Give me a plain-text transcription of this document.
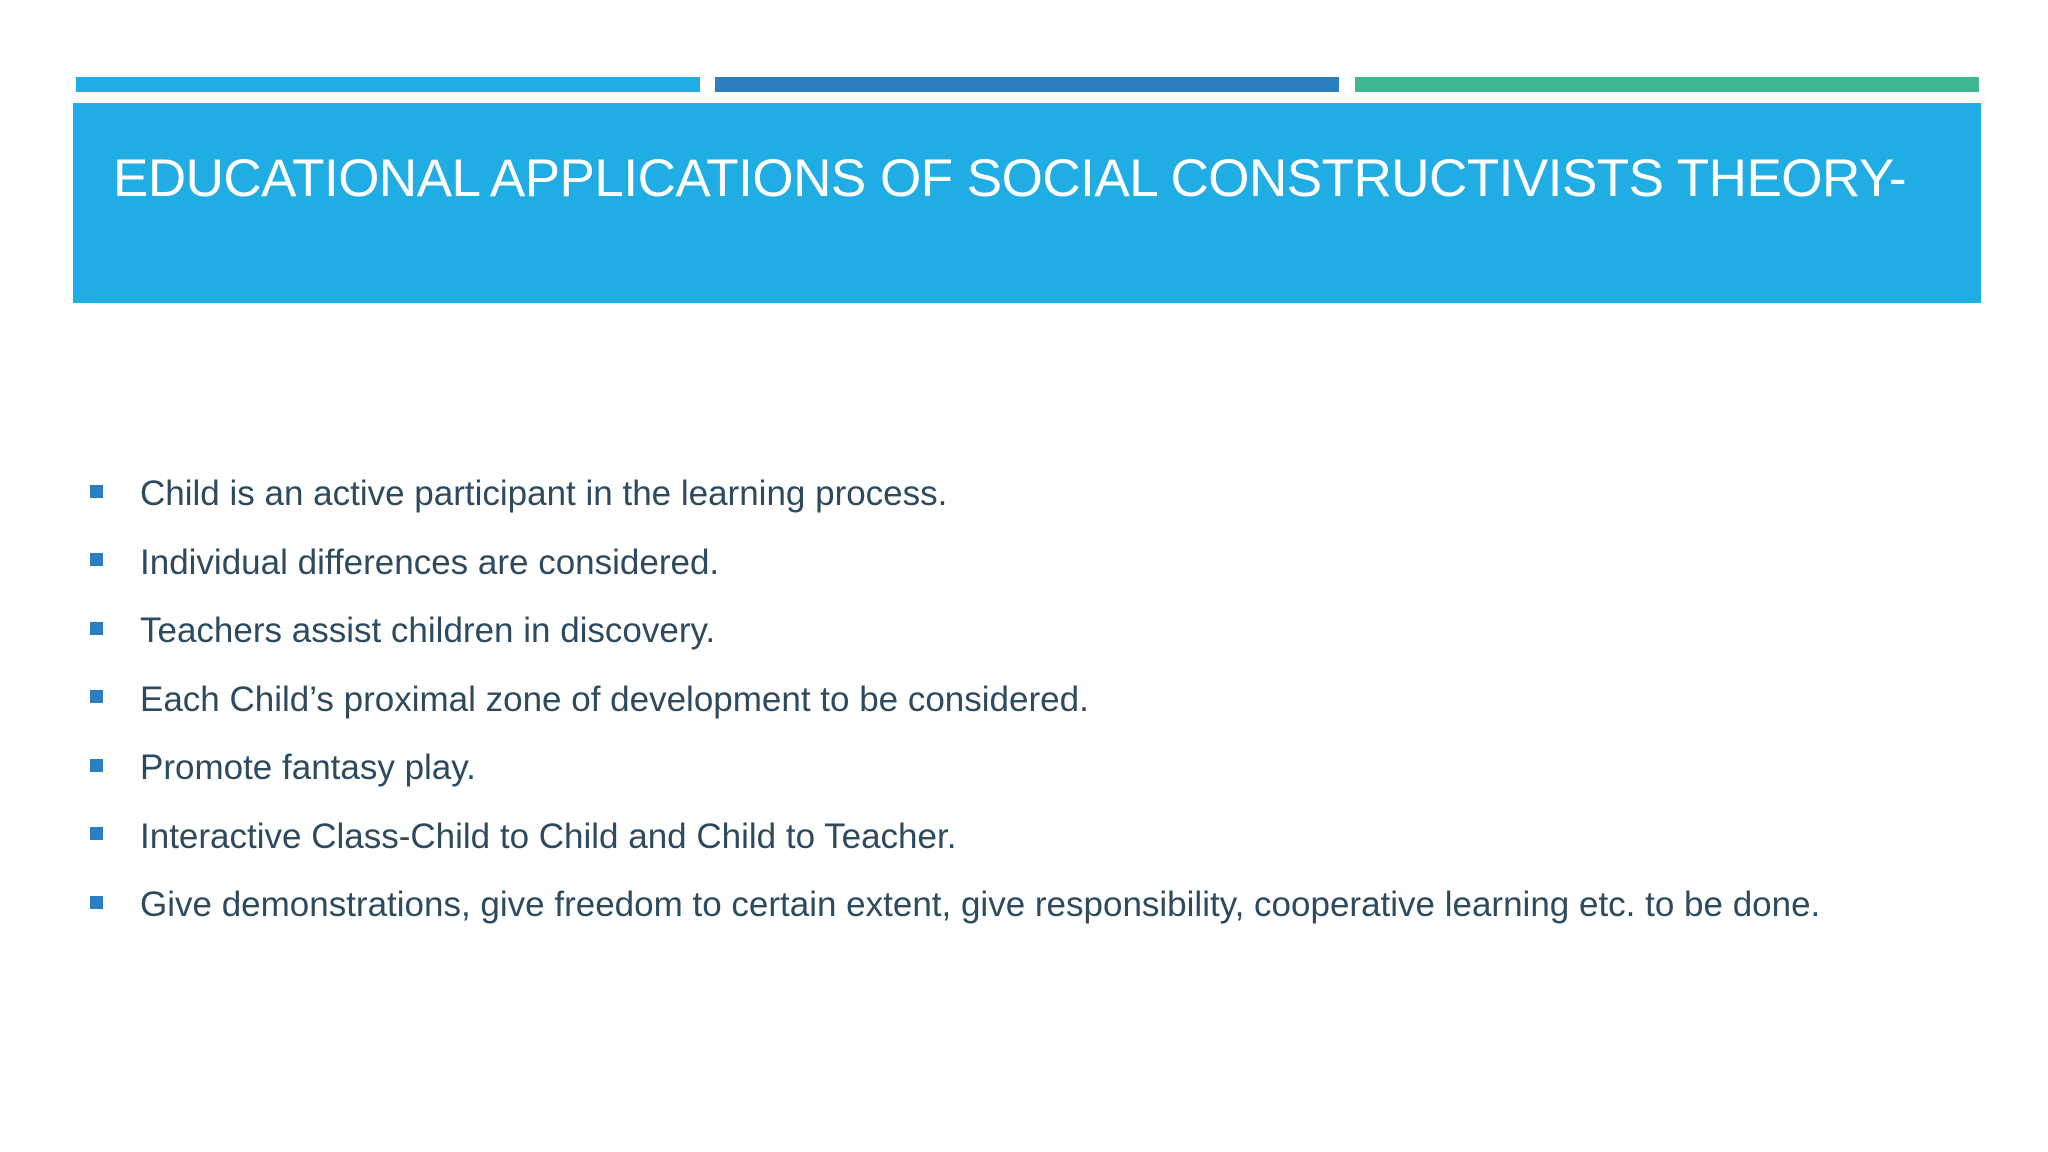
EDUCATIONAL APPLICATIONS OF SOCIAL CONSTRUCTIVISTS THEORY-
Child is an active participant in the learning process.
Individual differences are considered.
Teachers assist children in discovery.
Each Child’s proximal zone of development to be considered.
Promote fantasy play.
Interactive Class-Child to Child and Child to Teacher.
Give demonstrations, give freedom to certain extent, give responsibility, cooperative learning etc. to be done.
